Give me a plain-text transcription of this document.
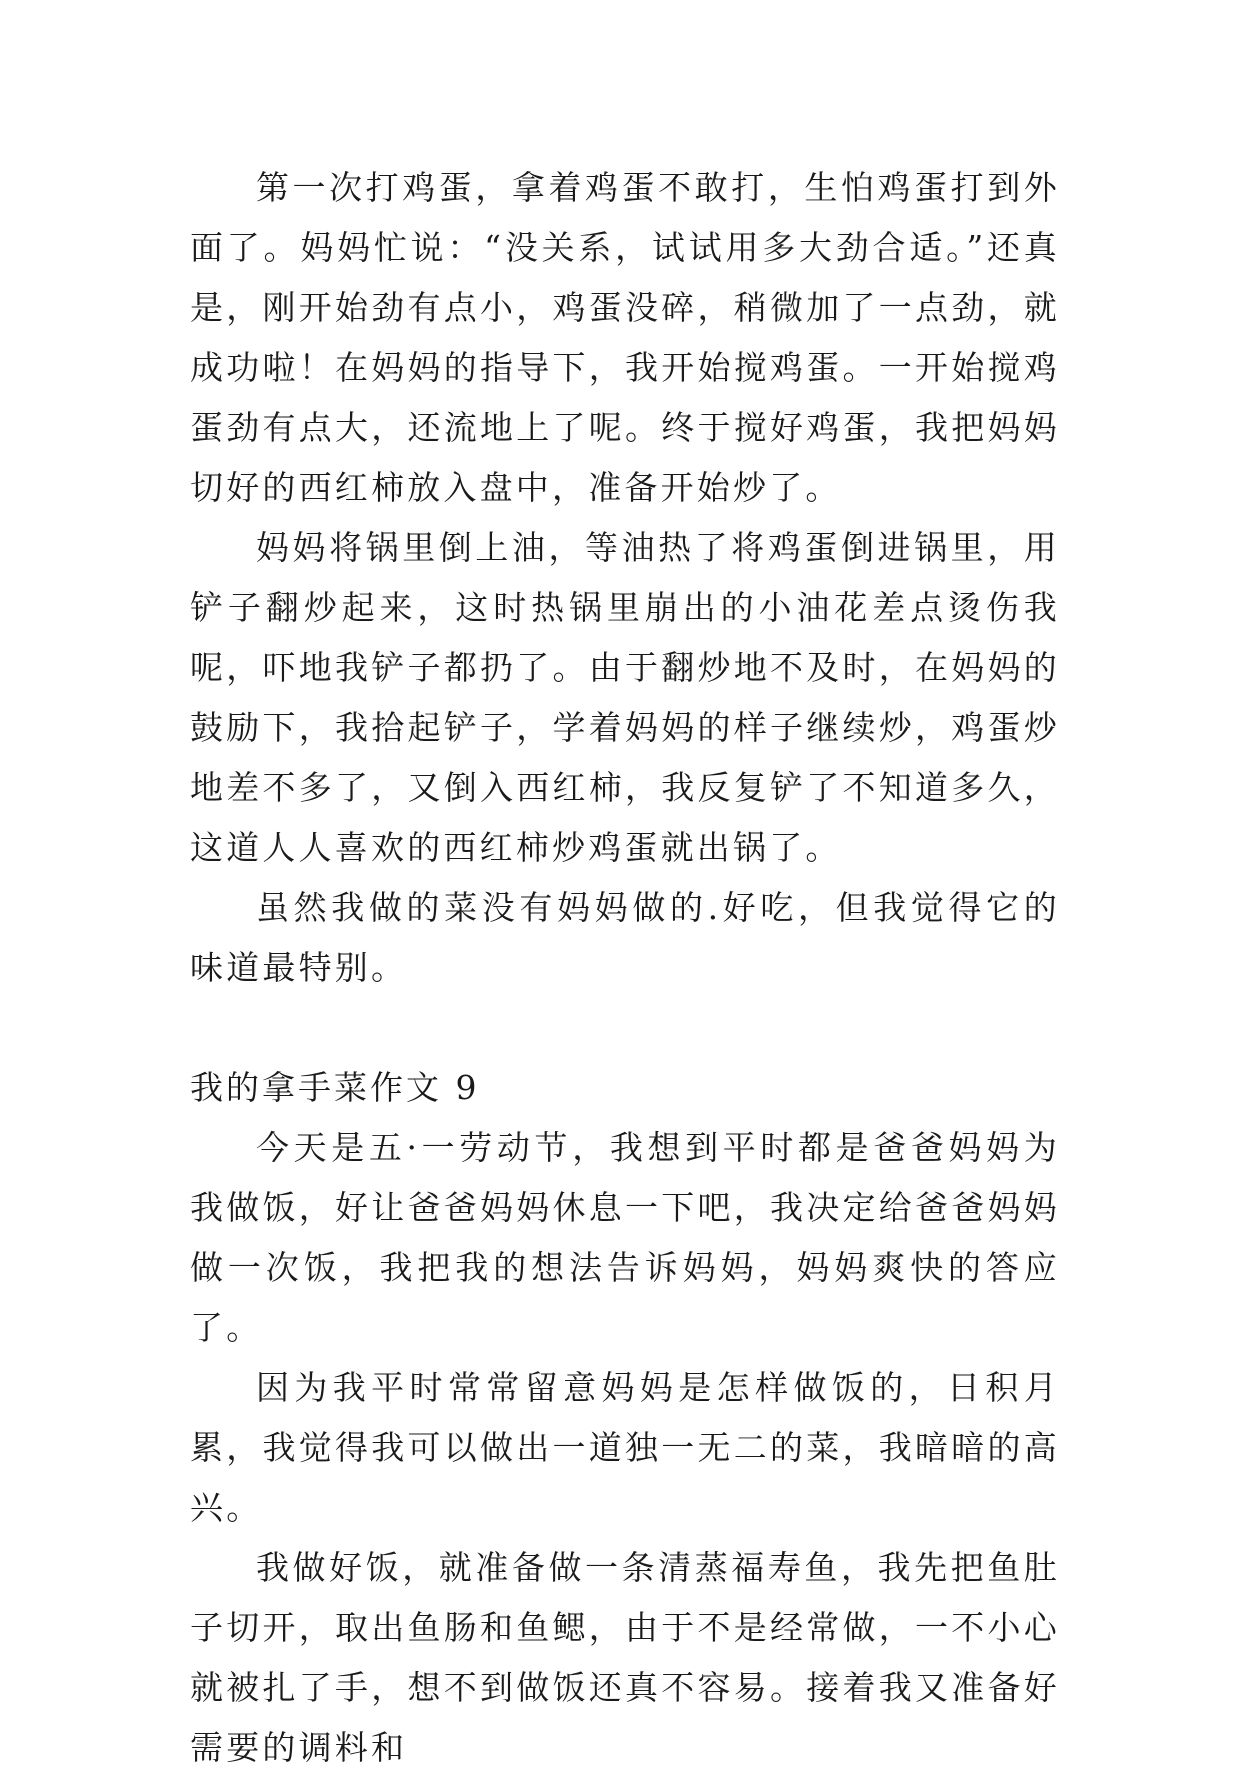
第一次打鸡蛋，拿着鸡蛋不敢打，生怕鸡蛋打到外面了。妈妈忙说：“没关系，试试用多大劲合适。”还真是，刚开始劲有点小，鸡蛋没碎，稍微加了一点劲，就成功啦！在妈妈的指导下，我开始搅鸡蛋。一开始搅鸡蛋劲有点大，还流地上了呢。终于搅好鸡蛋，我把妈妈切好的西红柿放入盘中，准备开始炒了。

妈妈将锅里倒上油，等油热了将鸡蛋倒进锅里，用铲子翻炒起来，这时热锅里崩出的小油花差点烫伤我呢，吓地我铲子都扔了。由于翻炒地不及时，在妈妈的鼓励下，我拾起铲子，学着妈妈的样子继续炒，鸡蛋炒地差不多了，又倒入西红柿，我反复铲了不知道多久，这道人人喜欢的西红柿炒鸡蛋就出锅了。

虽然我做的菜没有妈妈做的.好吃，但我觉得它的味道最特别。

我的拿手菜作文 9

今天是五·一劳动节，我想到平时都是爸爸妈妈为我做饭，好让爸爸妈妈休息一下吧，我决定给爸爸妈妈做一次饭，我把我的想法告诉妈妈，妈妈爽快的答应了。

因为我平时常常留意妈妈是怎样做饭的，日积月累，我觉得我可以做出一道独一无二的菜，我暗暗的高兴。

我做好饭，就准备做一条清蒸福寿鱼，我先把鱼肚子切开，取出鱼肠和鱼鳃，由于不是经常做，一不小心就被扎了手，想不到做饭还真不容易。接着我又准备好需要的调料和
